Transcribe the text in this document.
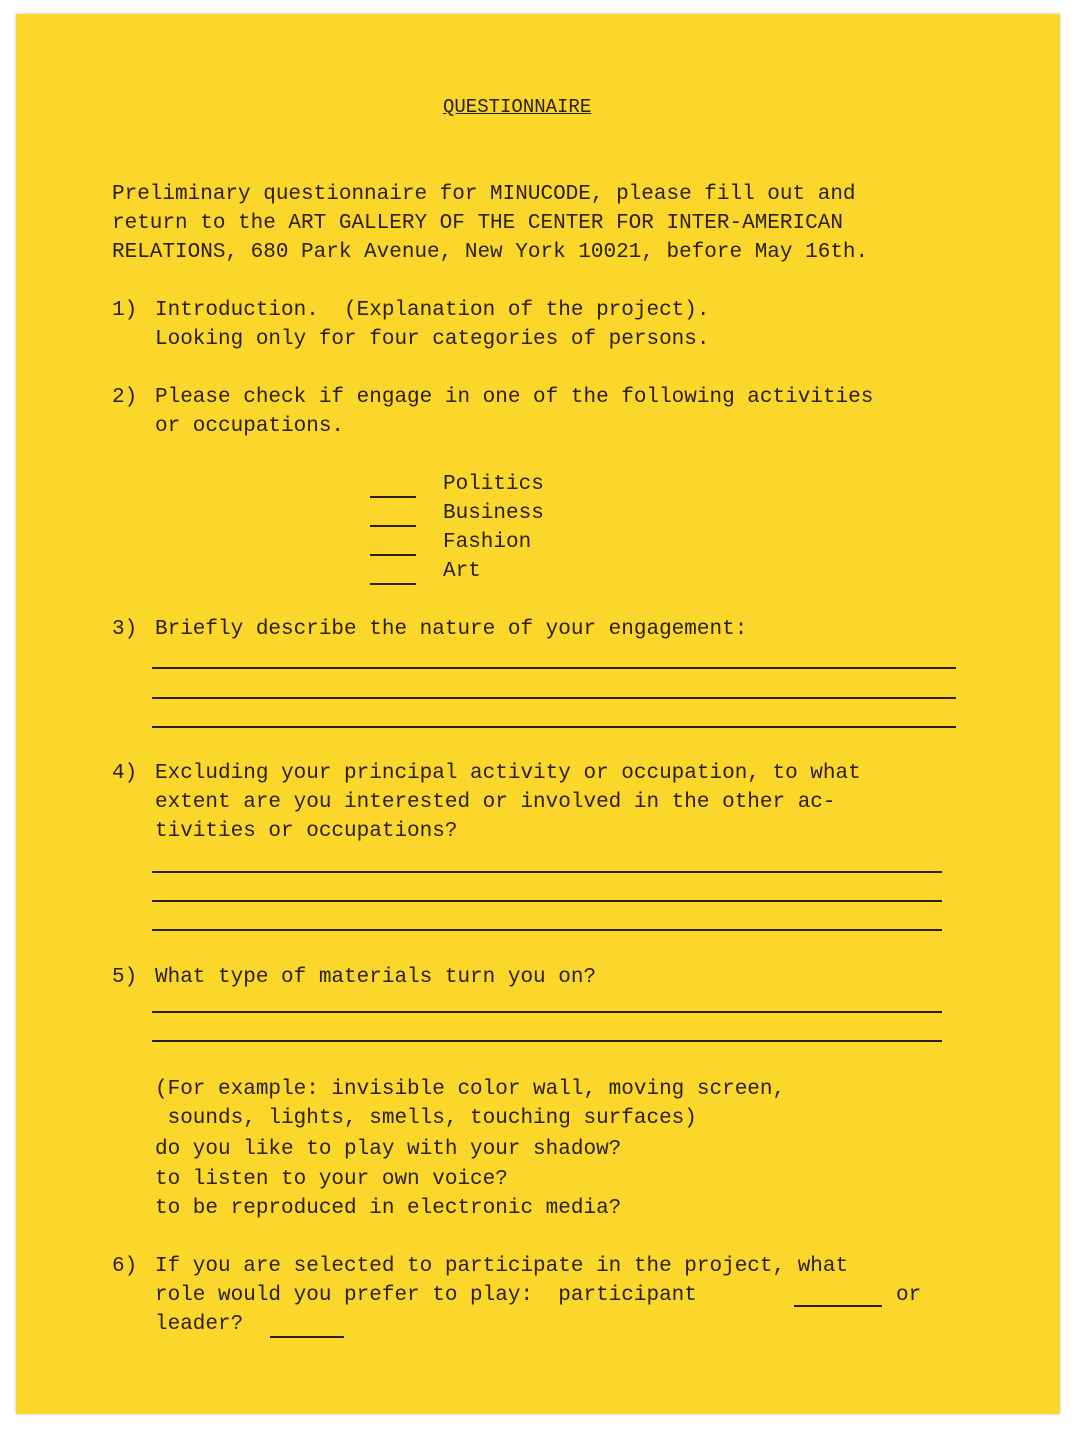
QUESTIONNAIRE
Preliminary questionnaire for MINUCODE, please fill out and
return to the ART GALLERY OF THE CENTER FOR INTER-AMERICAN
RELATIONS, 680 Park Avenue, New York 10021, before May 16th.
1) Introduction.  (Explanation of the project).
Looking only for four categories of persons.
2) Please check if engage in one of the following activities
or occupations.
Politics
Business
Fashion
Art
3) Briefly describe the nature of your engagement:
4) Excluding your principal activity or occupation, to what
extent are you interested or involved in the other ac-
tivities or occupations?
5) What type of materials turn you on?
(For example: invisible color wall, moving screen,
sounds, lights, smells, touching surfaces)
do you like to play with your shadow?
to listen to your own voice?
to be reproduced in electronic media?
6) If you are selected to participate in the project, what
role would you prefer to play:  participant	or
leader?
